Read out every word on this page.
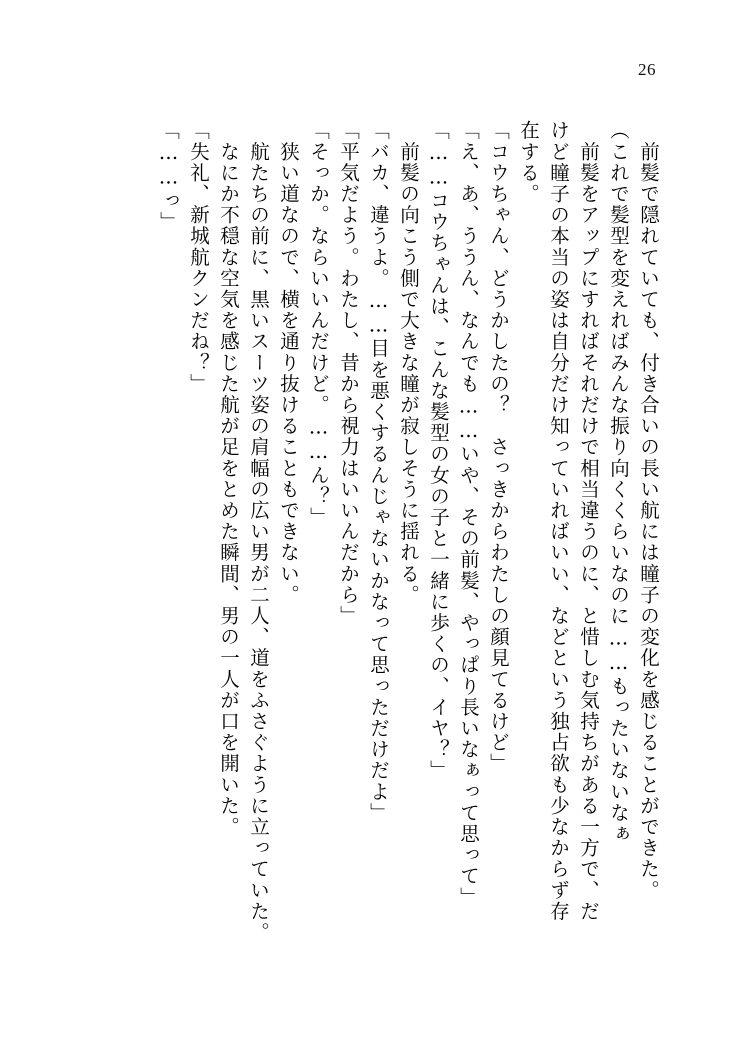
26
　前髪で隠れていても、付き合いの長い航には瞳子の変化を感じることができた。
（これで髪型を変えればみんな振り向くくらいなのに……もったいないなぁ
　前髪をアップにすればそれだけで相当違うのに、と惜しむ気持ちがある一方で、だ
けど瞳子の本当の姿は自分だけ知っていればいい、などという独占欲も少なからず存
在する。
「コウちゃん、どうかしたの？　さっきからわたしの顔見てるけど」
「え、あ、ううん、なんでも……いや、その前髪、やっぱり長いなぁって思って」
「……コウちゃんは、こんな髪型の女の子と一緒に歩くの、イヤ？」
　前髪の向こう側で大きな瞳が寂しそうに揺れる。
「バカ、違うよ。……目を悪くするんじゃないかなって思っただけだよ」
「平気だよう。わたし、昔から視力はいいんだから」
「そっか。ならいいんだけど。……ん？」
　狭い道なので、横を通り抜けることもできない。
　航たちの前に、黒いスーツ姿の肩幅の広い男が二人、道をふさぐように立っていた。
　なにか不穏な空気を感じた航が足をとめた瞬間、男の一人が口を開いた。
「失礼、新城航クンだね？」
「……っ」
